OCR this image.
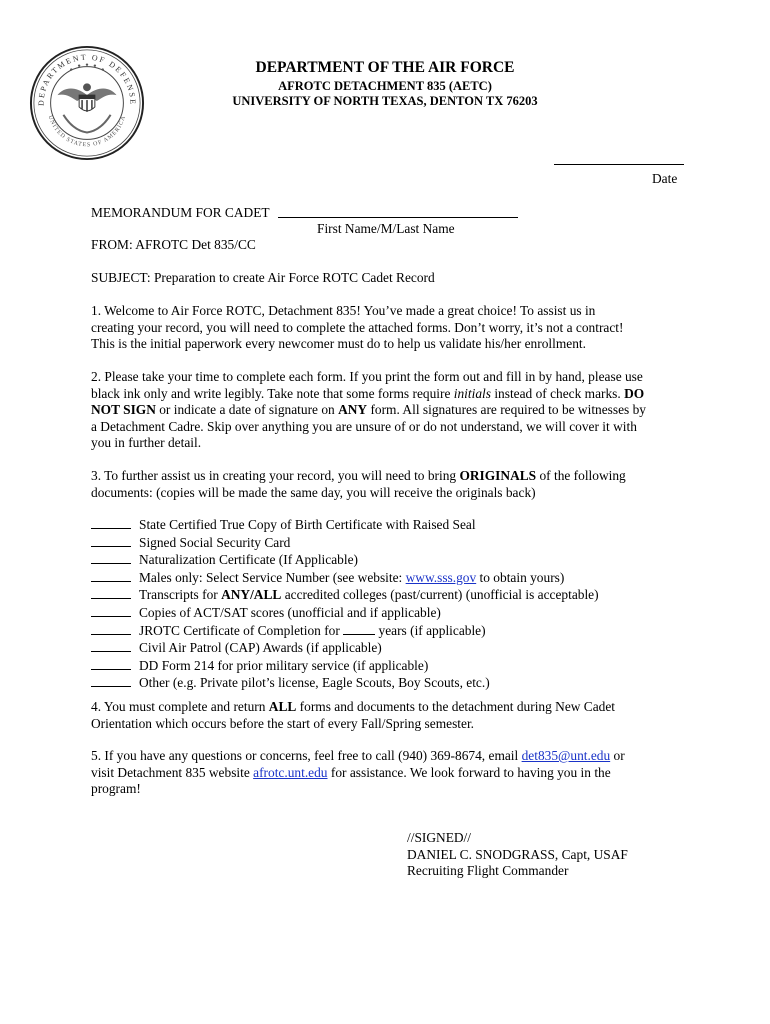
DEPARTMENT OF DEFENSE
UNITED STATES OF AMERICA
DEPARTMENT OF THE AIR FORCE
AFROTC DETACHMENT 835 (AETC)
UNIVERSITY OF NORTH TEXAS, DENTON TX 76203
Date
MEMORANDUM FOR CADET
First Name/M/Last Name
FROM: AFROTC Det 835/CC
SUBJECT: Preparation to create Air Force ROTC Cadet Record
1. Welcome to Air Force ROTC, Detachment 835! You’ve made a great choice! To assist us in
creating your record, you will need to complete the attached forms. Don’t worry, it’s not a contract!
This is the initial paperwork every newcomer must do to help us validate his/her enrollment.
2. Please take your time to complete each form. If you print the form out and fill in by hand, please use
black ink only and write legibly. Take note that some forms require initials instead of check marks. DO
NOT SIGN or indicate a date of signature on ANY form. All signatures are required to be witnesses by
a Detachment Cadre. Skip over anything you are unsure of or do not understand, we will cover it with
you in further detail.
3. To further assist us in creating your record, you will need to bring ORIGINALS of the following
documents: (copies will be made the same day, you will receive the originals back)
State Certified True Copy of Birth Certificate with Raised Seal
Signed Social Security Card
Naturalization Certificate (If Applicable)
Males only: Select Service Number (see website: www.sss.gov to obtain yours)
Transcripts for ANY/ALL accredited colleges (past/current) (unofficial is acceptable)
Copies of ACT/SAT scores (unofficial and if applicable)
JROTC Certificate of Completion for  years (if applicable)
Civil Air Patrol (CAP) Awards (if applicable)
DD Form 214 for prior military service (if applicable)
Other (e.g. Private pilot’s license, Eagle Scouts, Boy Scouts, etc.)
4. You must complete and return ALL forms and documents to the detachment during New Cadet
Orientation which occurs before the start of every Fall/Spring semester.
5. If you have any questions or concerns, feel free to call (940) 369-8674, email det835@unt.edu or
visit Detachment 835 website afrotc.unt.edu for assistance. We look forward to having you in the
program!
//SIGNED//
DANIEL C. SNODGRASS, Capt, USAF
Recruiting Flight Commander
